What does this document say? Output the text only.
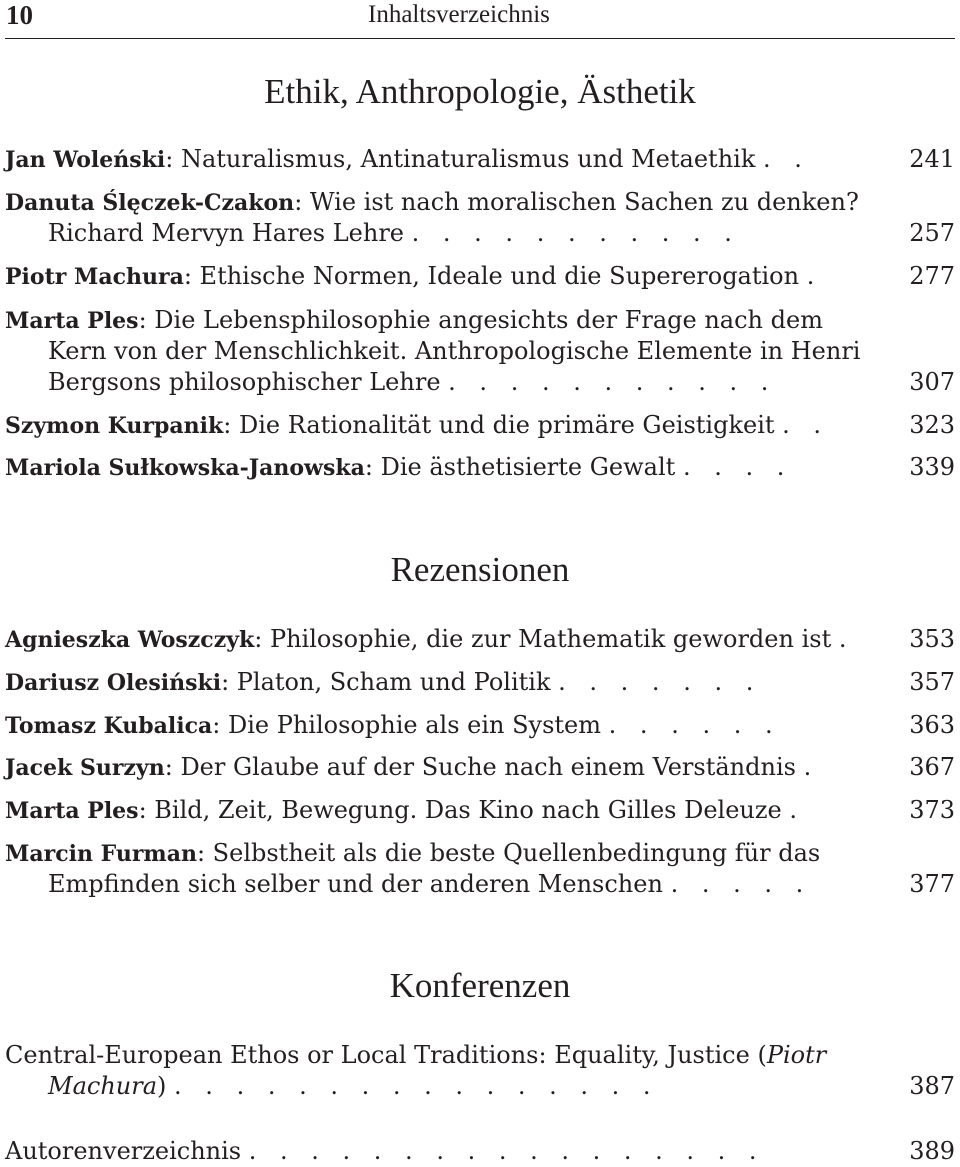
10	Inhaltsverzeichnis
Ethik, Anthropologie, Ästhetik
Jan Woleński: Naturalismus, Antinaturalismus und Metaethik . .	241
Danuta Ślęczek-Czakon: Wie ist nach moralischen Sachen zu denken?
Richard Mervyn Hares Lehre . . . . . . . . . . .	257
Piotr Machura: Ethische Normen, Ideale und die Supererogation .	277
Marta Ples: Die Lebensphilosophie angesichts der Frage nach dem
Kern von der Menschlichkeit. Anthropologische Elemente in Henri
Bergsons philosophischer Lehre . . . . . . . . . . .	307
Szymon Kurpanik: Die Rationalität und die primäre Geistigkeit . .	323
Mariola Sułkowska-Janowska: Die ästhetisierte Gewalt . . . .	339
Rezensionen
Agnieszka Woszczyk: Philosophie, die zur Mathematik geworden ist . 353
Dariusz Olesiński: Platon, Scham und Politik . . . . . . .	357
Tomasz Kubalica: Die Philosophie als ein System . . . . . .	363
Jacek Surzyn: Der Glaube auf der Suche nach einem Verständnis .	367
Marta Ples: Bild, Zeit, Bewegung. Das Kino nach Gilles Deleuze .	373
Marcin Furman: Selbstheit als die beste Quellenbedingung für das
Empfinden sich selber und der anderen Menschen . . . . .	377
Konferenzen
Central-European Ethos or Local Traditions: Equality, Justice (Piotr
Machura) . . . . . . . . . . . . . . . .	387
Autorenverzeichnis . . . . . . . . . . . . . . . . .	389
